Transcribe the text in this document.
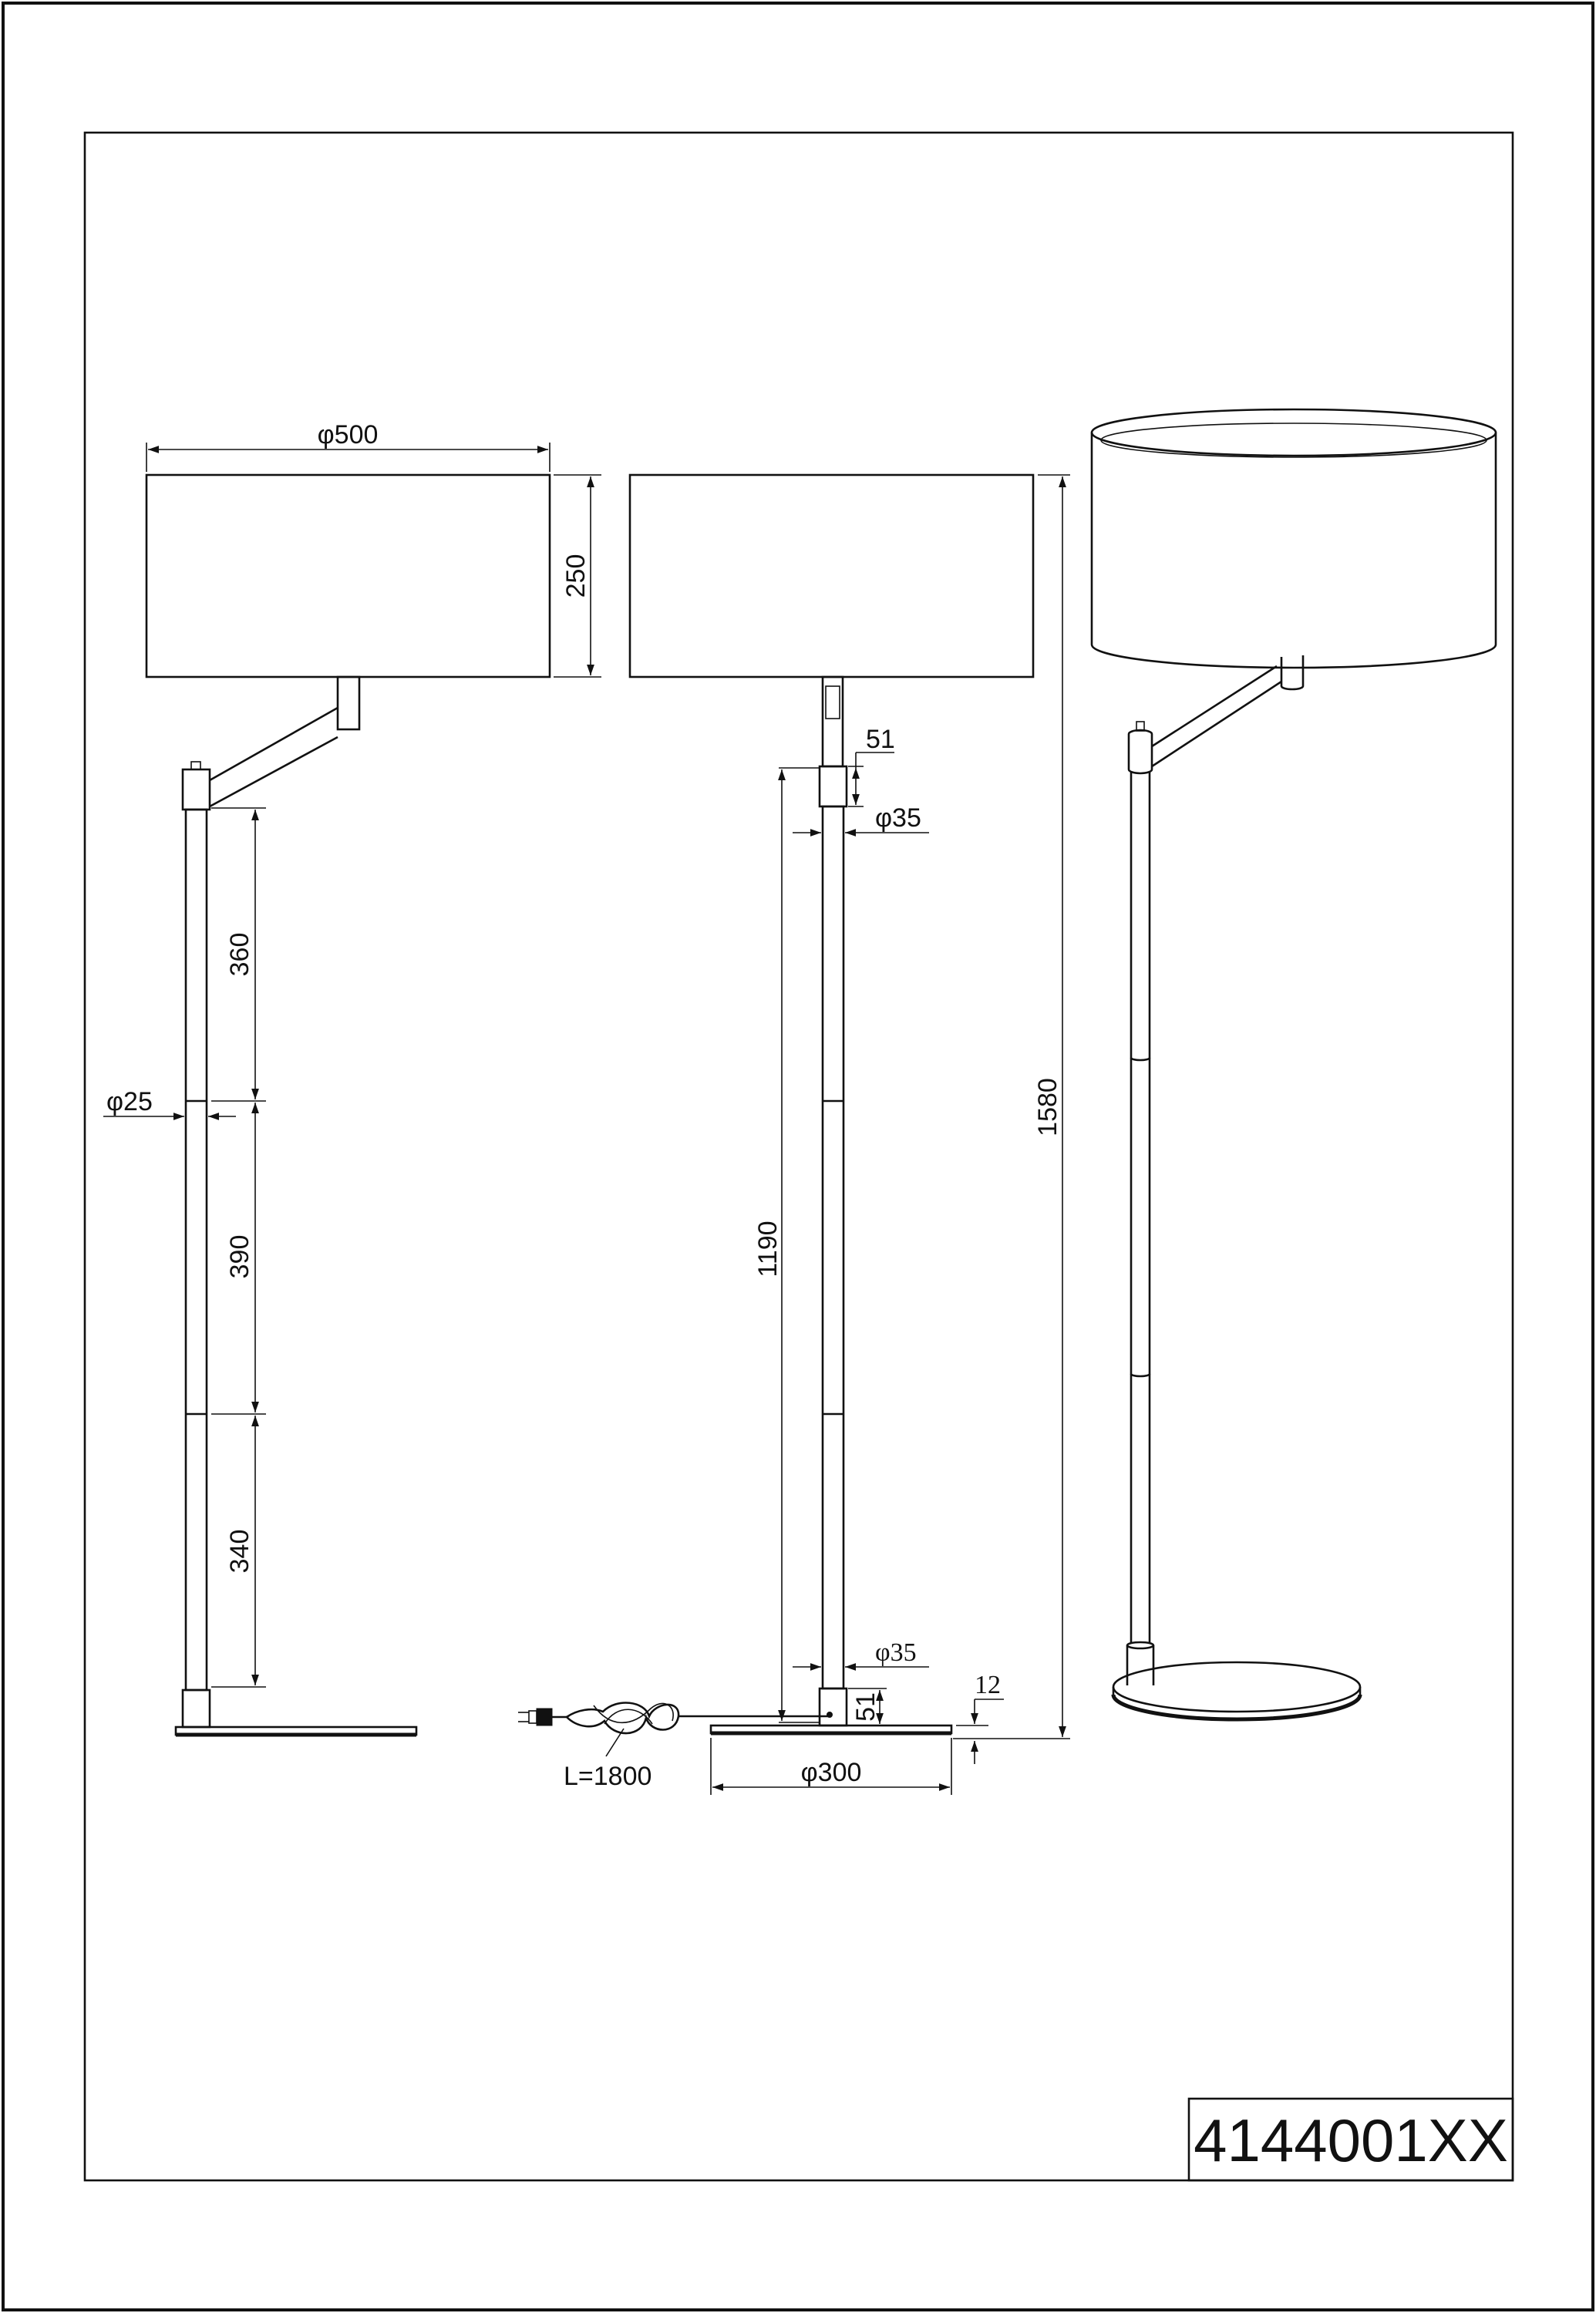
4144001XX
φ500
250
360
390
340
φ25
51
φ35
1190
1580
φ35
51
12
φ300
L=1800
